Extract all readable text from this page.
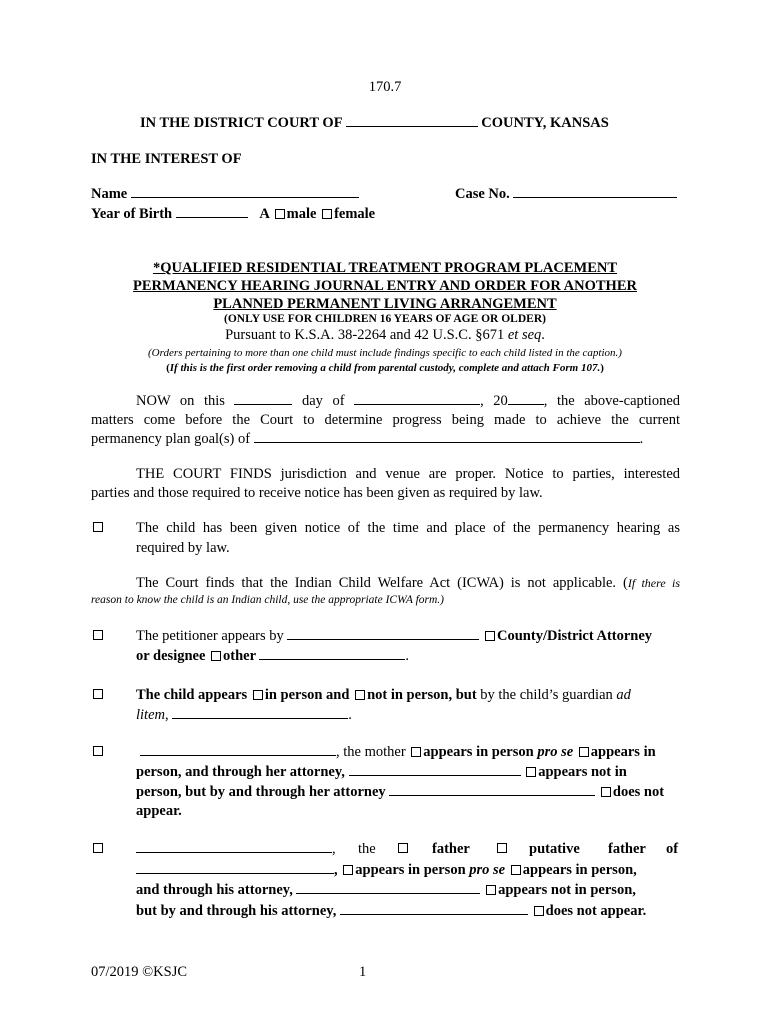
170.7
IN THE DISTRICT COURT OF	COUNTY, KANSAS
IN THE INTEREST OF
Name	Case No.
Year of Birth	A male female
*QUALIFIED RESIDENTIAL TREATMENT PROGRAM PLACEMENT
PERMANENCY HEARING JOURNAL ENTRY AND ORDER FOR ANOTHER
PLANNED PERMANENT LIVING ARRANGEMENT
(ONLY USE FOR CHILDREN 16 YEARS OF AGE OR OLDER)
Pursuant to K.S.A. 38-2264 and 42 U.S.C. §671 et seq.
(Orders pertaining to more than one child must include findings specific to each child listed in the caption.)
(If this is the first order removing a child from parental custody, complete and attach Form 107.)
NOW on this	day of	, 20 , the above-captioned
matters come before the Court to determine progress being made to achieve the current
permanency plan goal(s) of	.
THE COURT FINDS jurisdiction and venue are proper. Notice to parties, interested
parties and those required to receive notice has been given as required by law.
The child has been given notice of the time and place of the permanency hearing as
required by law.
The Court finds that the Indian Child Welfare Act (ICWA) is not applicable. (If there is
reason to know the child is an Indian child, use the appropriate ICWA form.)
The petitioner appears by	County/District Attorney
or designee other	.
The child appears in person and not in person, but by the child’s guardian ad
litem,	.
, the mother appears in person pro se appears in
person, and through her attorney,	appears not in
person, but by and through her attorney	does not
appear.
, the	father	putative father of
, appears in person pro se appears in person,
and through his attorney,	appears not in person,
but by and through his attorney,	does not appear.
07/2019 ©KSJC	1
